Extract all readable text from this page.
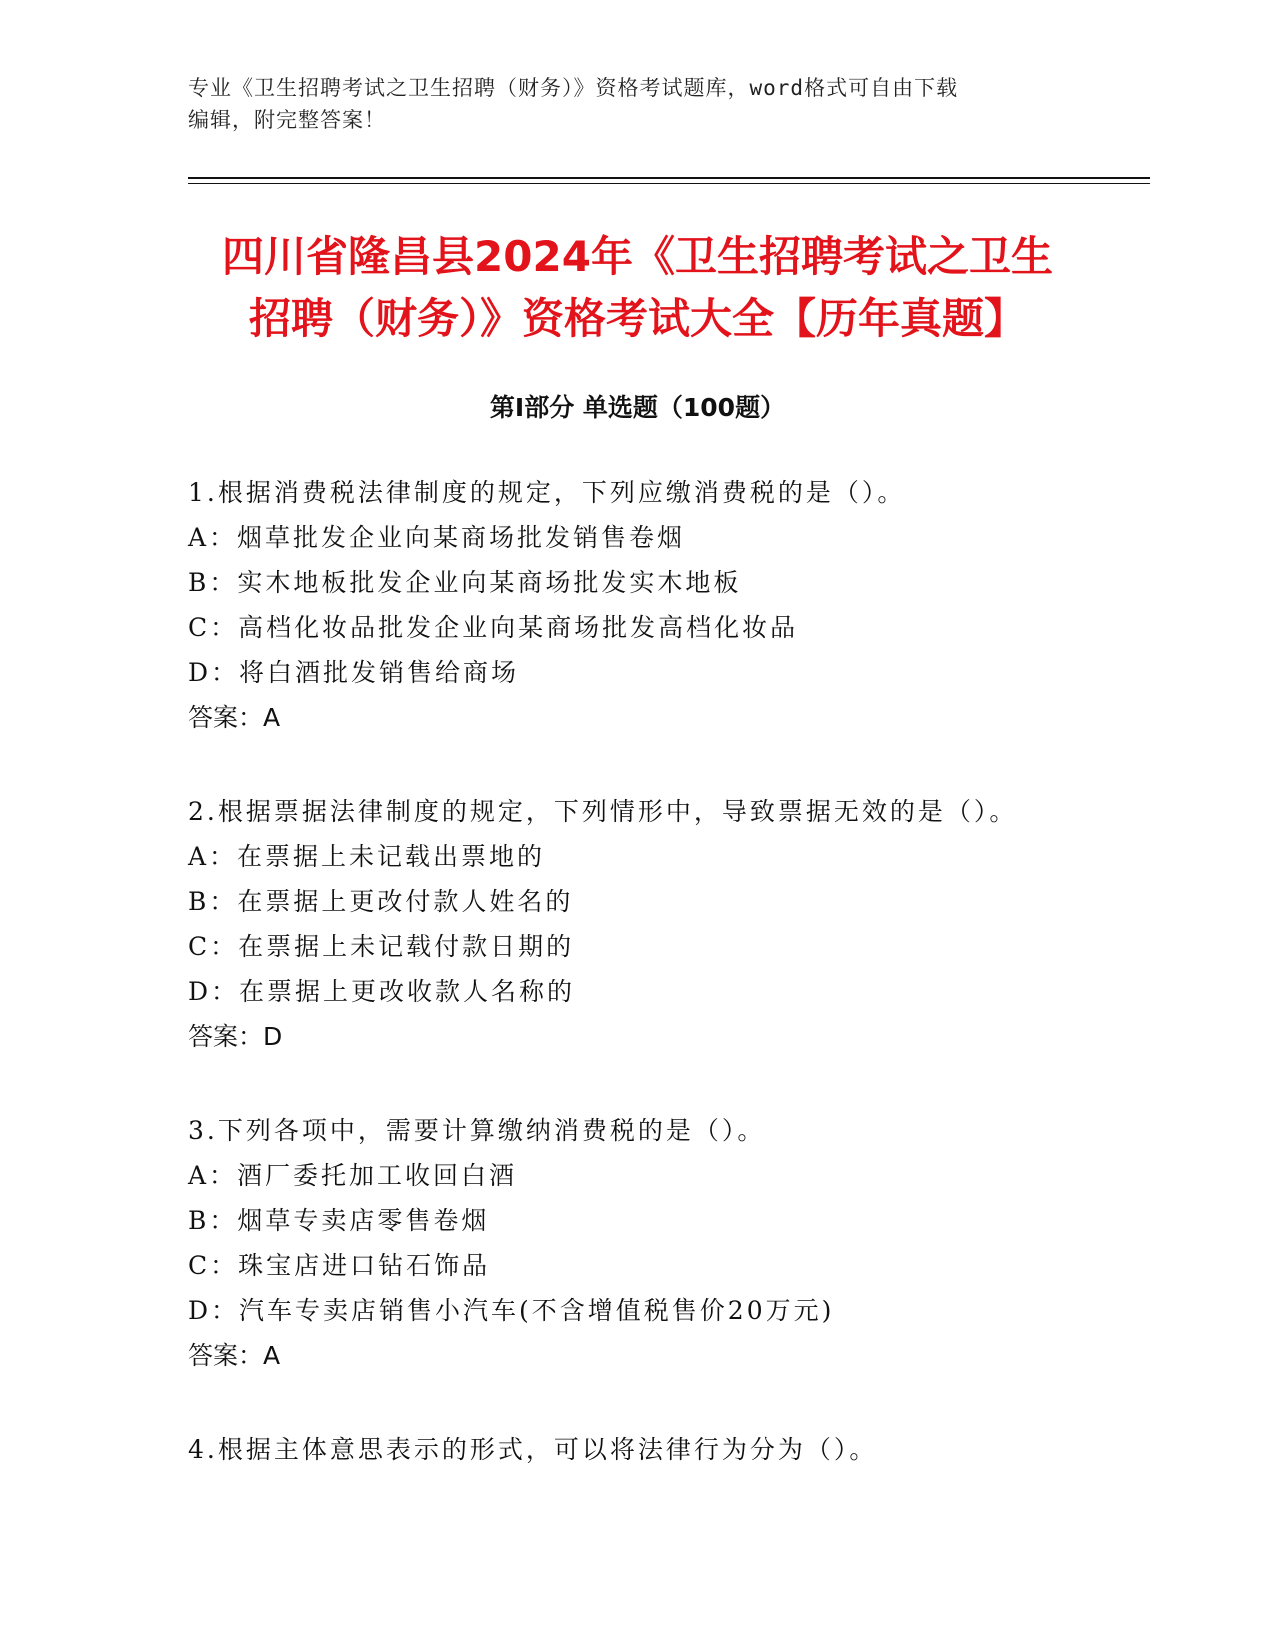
专业《卫生招聘考试之卫生招聘（财务）》资格考试题库，word格式可自由下载
编辑，附完整答案！
四川省隆昌县2024年《卫生招聘考试之卫生
招聘（财务）》资格考试大全【历年真题】
第Ⅰ部分 单选题（100题）
1.根据消费税法律制度的规定，下列应缴消费税的是（）。
A：烟草批发企业向某商场批发销售卷烟
B：实木地板批发企业向某商场批发实木地板
C：高档化妆品批发企业向某商场批发高档化妆品
D：将白酒批发销售给商场
答案：A
2.根据票据法律制度的规定，下列情形中，导致票据无效的是（）。
A：在票据上未记载出票地的
B：在票据上更改付款人姓名的
C：在票据上未记载付款日期的
D：在票据上更改收款人名称的
答案：D
3.下列各项中，需要计算缴纳消费税的是（）。
A：酒厂委托加工收回白酒
B：烟草专卖店零售卷烟
C：珠宝店进口钻石饰品
D：汽车专卖店销售小汽车(不含增值税售价20万元)
答案：A
4.根据主体意思表示的形式，可以将法律行为分为（）。
